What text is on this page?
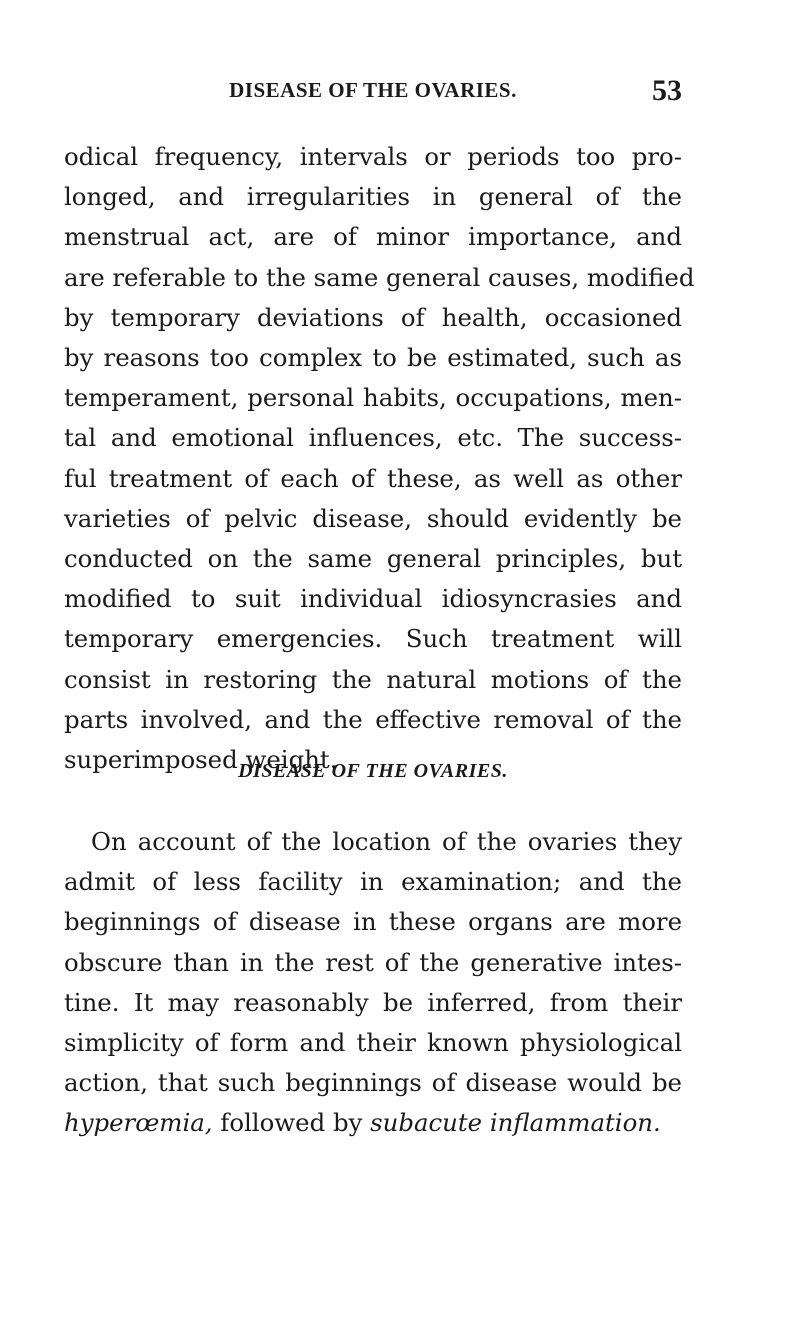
DISEASE OF THE OVARIES.	53
odical frequency, intervals or periods too pro-
longed, and irregularities in general of the
menstrual act, are of minor importance, and
are referable to the same general causes, modified
by temporary deviations of health, occasioned
by reasons too complex to be estimated, such as
temperament, personal habits, occupations, men-
tal and emotional influences, etc. The success-
ful treatment of each of these, as well as other
varieties of pelvic disease, should evidently be
conducted on the same general principles, but
modified to suit individual idiosyncrasies and
temporary emergencies. Such treatment will
consist in restoring the natural motions of the
parts involved, and the effective removal of the
superimposed weight.
DISEASE OF THE OVARIES.
On account of the location of the ovaries they
admit of less facility in examination; and the
beginnings of disease in these organs are more
obscure than in the rest of the generative intes-
tine. It may reasonably be inferred, from their
simplicity of form and their known physiological
action, that such beginnings of disease would be
hyperœmia, followed by subacute inflammation.
